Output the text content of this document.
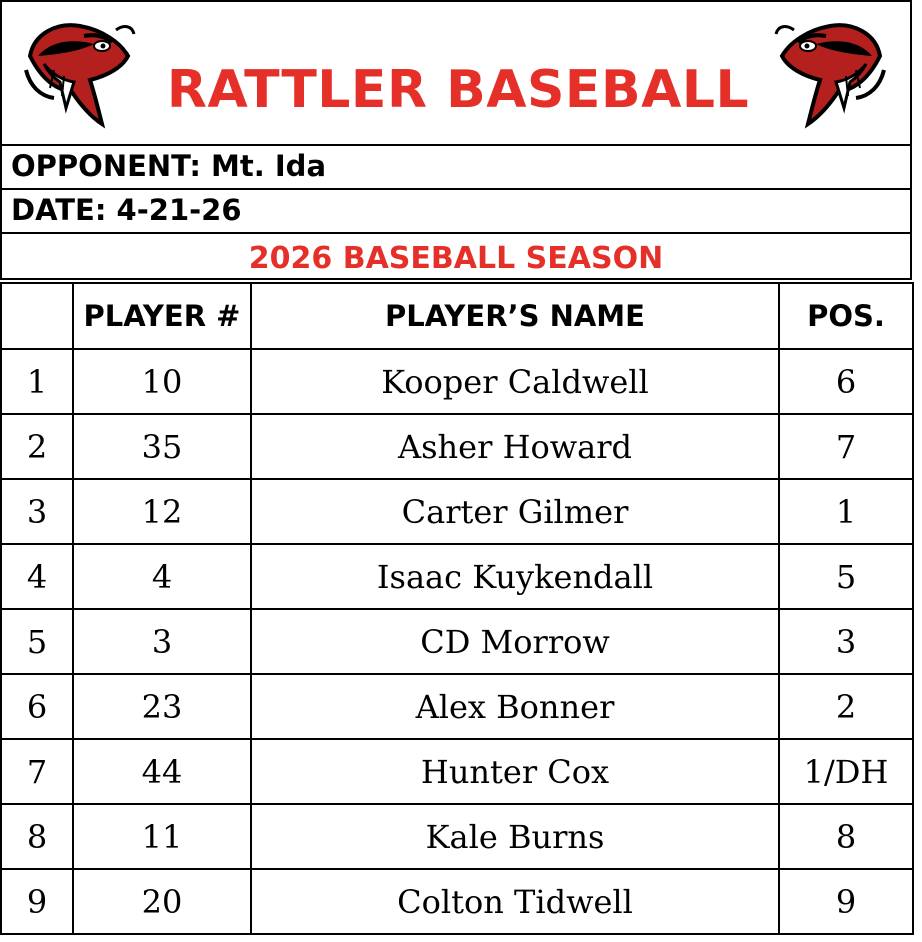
RATTLER BASEBALL
OPPONENT: Mt. Ida
DATE: 4-21-26
2026 BASEBALL SEASON
	PLAYER #	PLAYER’S NAME	POS.
1	10	Kooper Caldwell	6
2	35	Asher Howard	7
3	12	Carter Gilmer	1
4	4	Isaac Kuykendall	5
5	3	CD Morrow	3
6	23	Alex Bonner	2
7	44	Hunter Cox	1/DH
8	11	Kale Burns	8
9	20	Colton Tidwell	9
